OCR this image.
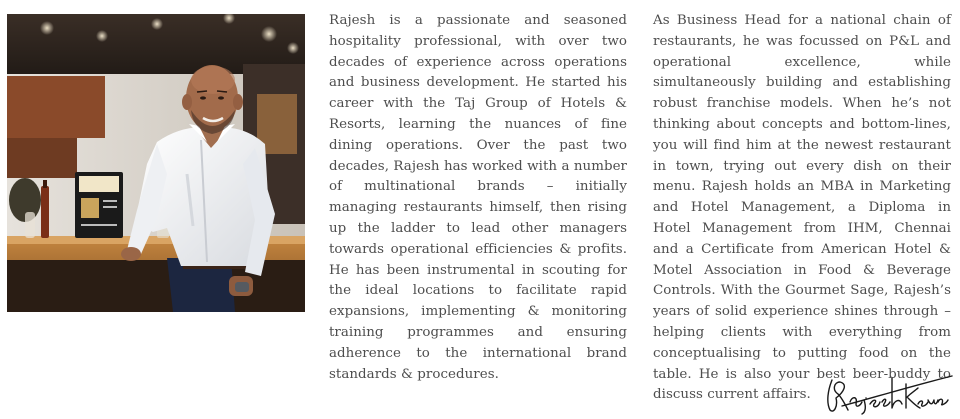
Rajesh is a passionate and seasoned hospitality professional, with over two decades of experience across operations and business development. He started his career with the Taj Group of Hotels & Resorts, learning the nuances of fine dining operations. Over the past two decades, Rajesh has worked with a number of multinational brands – initially managing restaurants himself, then rising up the ladder to lead other managers towards operational efficiencies & profits. He has been instrumental in scouting for the ideal locations to facilitate rapid expansions, implementing & monitoring training programmes and ensuring adherence to the international brand standards & procedures.
As Business Head for a national chain of restaurants, he was focussed on P&L and operational excellence, while simultaneously building and establishing robust franchise models. When he’s not thinking about concepts and bottom-lines, you will find him at the newest restaurant in town, trying out every dish on their menu. Rajesh holds an MBA in Marketing and Hotel Management, a Diploma in Hotel Management from IHM, Chennai and a Certificate from American Hotel & Motel Association in Food & Beverage Controls. With the Gourmet Sage, Rajesh’s years of solid experience shines through – helping clients with everything from conceptualising to putting food on the table. He is also your best beer-buddy to discuss current affairs.
